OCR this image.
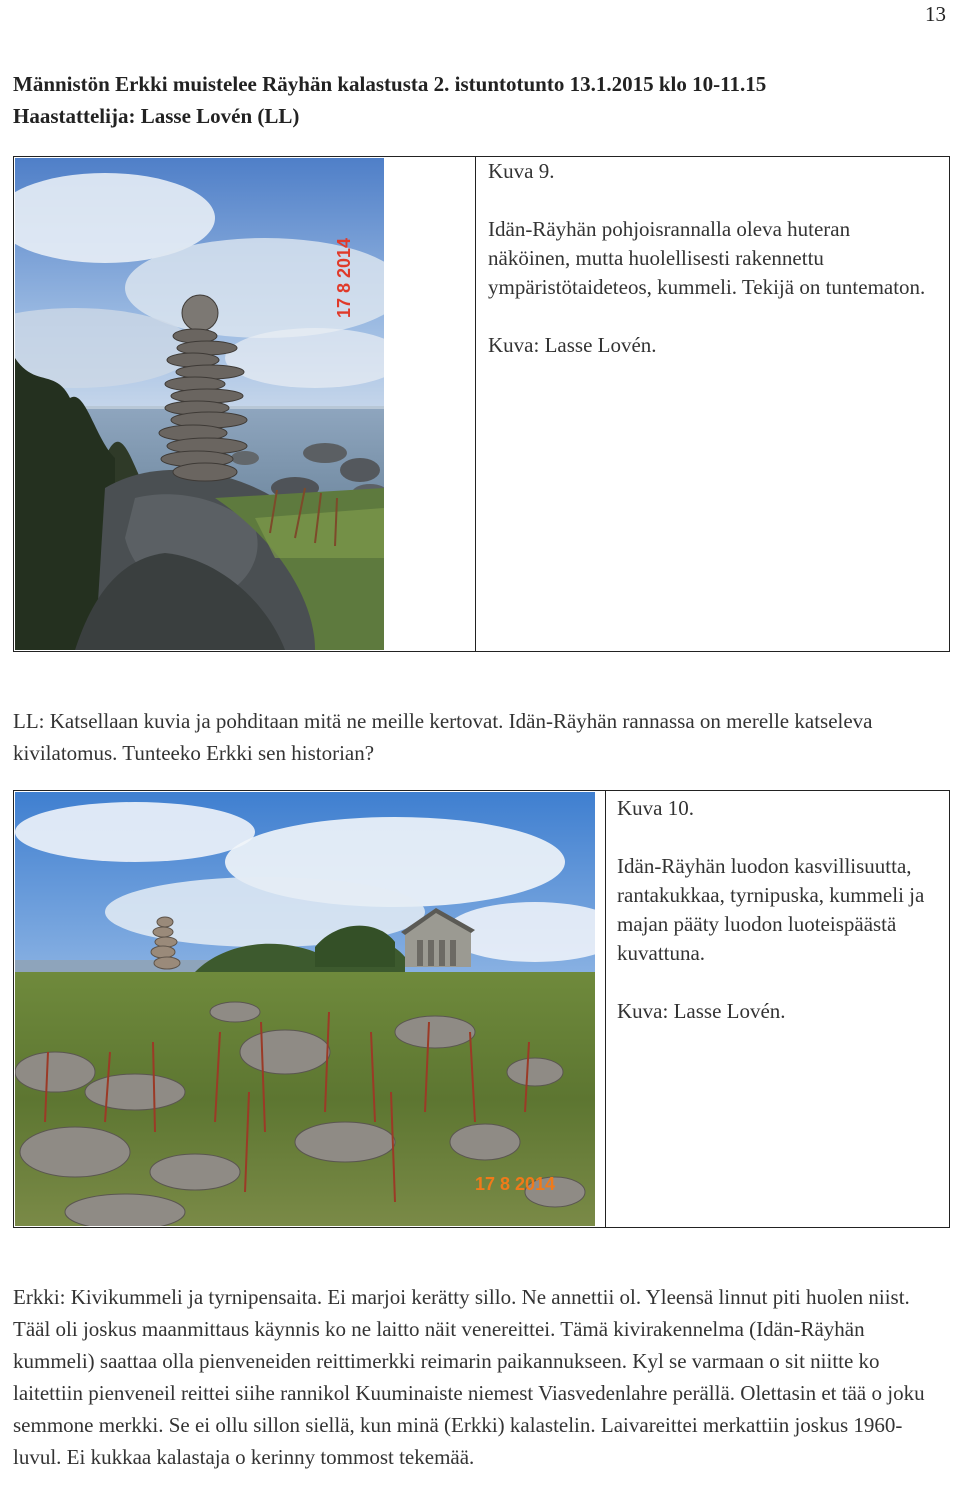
13
Männistön Erkki muistelee Räyhän kalastusta 2. istuntotunto 13.1.2015 klo 10-11.15
Haastattelija: Lasse Lovén (LL)
17 8 2014

Kuva 9.

Idän-Räyhän pohjoisrannalla oleva huteran näköinen, mutta huolellisesti rakennettu ympäristötaideteos, kummeli. Tekijä on tuntematon.

Kuva: Lasse Lovén.

LL: Katsellaan kuvia ja pohditaan mitä ne meille kertovat. Idän-Räyhän rannassa on merelle katseleva kivilatomus. Tunteeko Erkki sen historian?

17 8 2014

Kuva 10.

Idän-Räyhän luodon kasvillisuutta, rantakukkaa, tyrnipuska, kummeli ja majan pääty luodon luoteispäästä kuvattuna.

Kuva: Lasse Lovén.

Erkki: Kivikummeli ja tyrnipensaita. Ei marjoi kerätty sillo. Ne annettii ol. Yleensä linnut piti huolen niist. Tääl oli joskus maanmittaus käynnis ko ne laitto näit venereittei. Tämä kivirakennelma (Idän-Räyhän kummeli) saattaa olla pienveneiden reittimerkki reimarin paikannukseen. Kyl se varmaan o sit niitte ko laitettiin pienveneil reittei siihe rannikol Kuuminaiste niemest Viasvedenlahre perällä. Olettasin et tää o joku semmone merkki. Se ei ollu sillon siellä, kun minä (Erkki) kalastelin. Laivareittei merkattiin joskus 1960-luvul. Ei kukkaa kalastaja o kerinny tommost tekemää.
